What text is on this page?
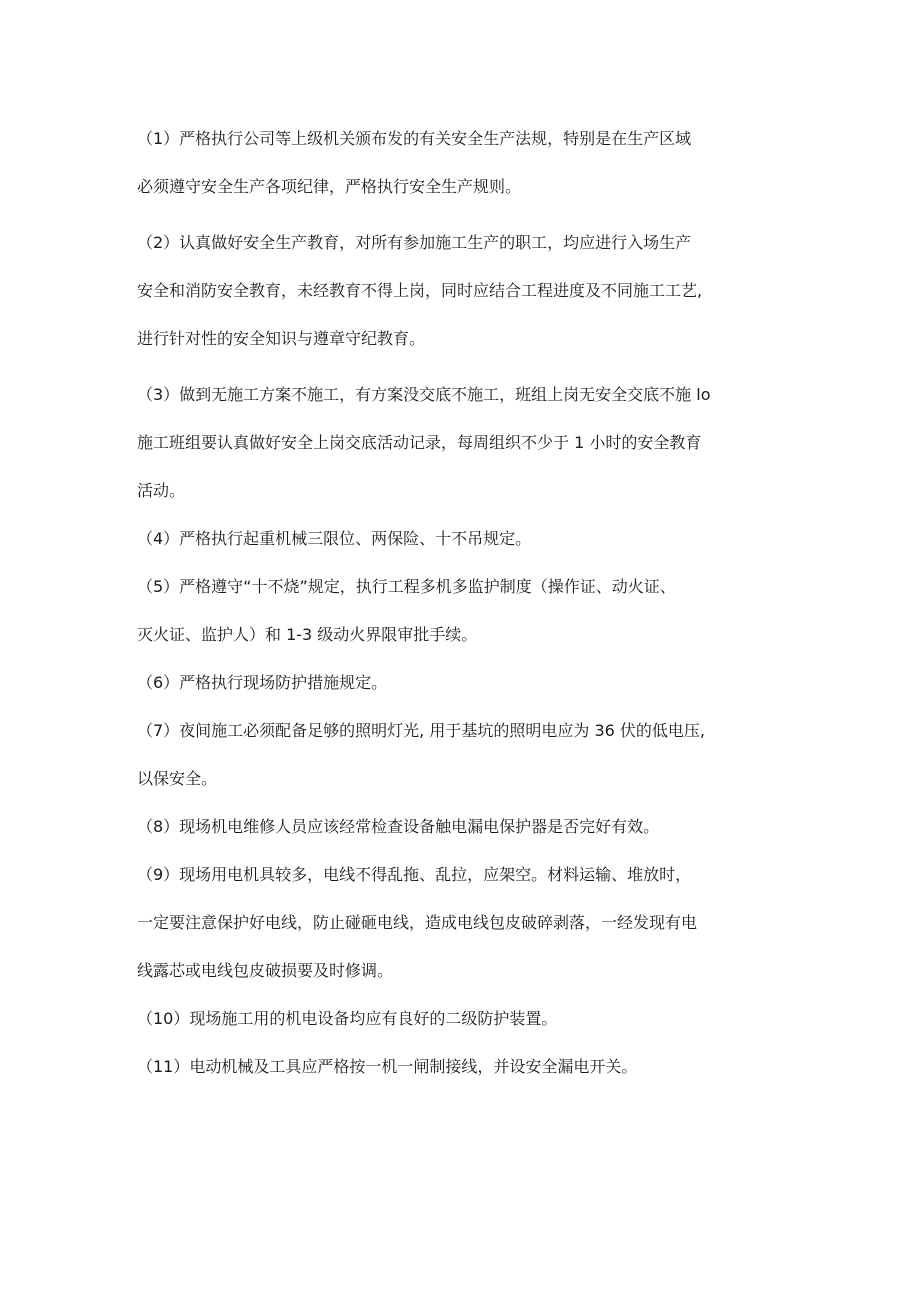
（1）严格执行公司等上级机关颁布发的有关安全生产法规，特别是在生产区域
必须遵守安全生产各项纪律，严格执行安全生产规则。

（2）认真做好安全生产教育，对所有参加施工生产的职工，均应进行入场生产
安全和消防安全教育，未经教育不得上岗，同时应结合工程进度及不同施工工艺,
进行针对性的安全知识与遵章守纪教育。

（3）做到无施工方案不施工，有方案没交底不施工，班组上岗无安全交底不施 lo
施工班组要认真做好安全上岗交底活动记录，每周组织不少于 1 小时的安全教育
活动。

（4）严格执行起重机械三限位、两保险、十不吊规定。

（5）严格遵守“十不烧”规定，执行工程多机多监护制度（操作证、动火证、
灭火证、监护人）和 1-3 级动火界限审批手续。

（6）严格执行现场防护措施规定。

（7）夜间施工必须配备足够的照明灯光, 用于基坑的照明电应为 36 伏的低电压,
以保安全。

（8）现场机电维修人员应该经常检查设备触电漏电保护器是否完好有效。

（9）现场用电机具较多，电线不得乱拖、乱拉，应架空。材料运输、堆放时，
一定要注意保护好电线，防止碰砸电线，造成电线包皮破碎剥落，一经发现有电
线露芯或电线包皮破损要及时修调。

（10）现场施工用的机电设备均应有良好的二级防护装置。

（11）电动机械及工具应严格按一机一闸制接线，并设安全漏电开关。
